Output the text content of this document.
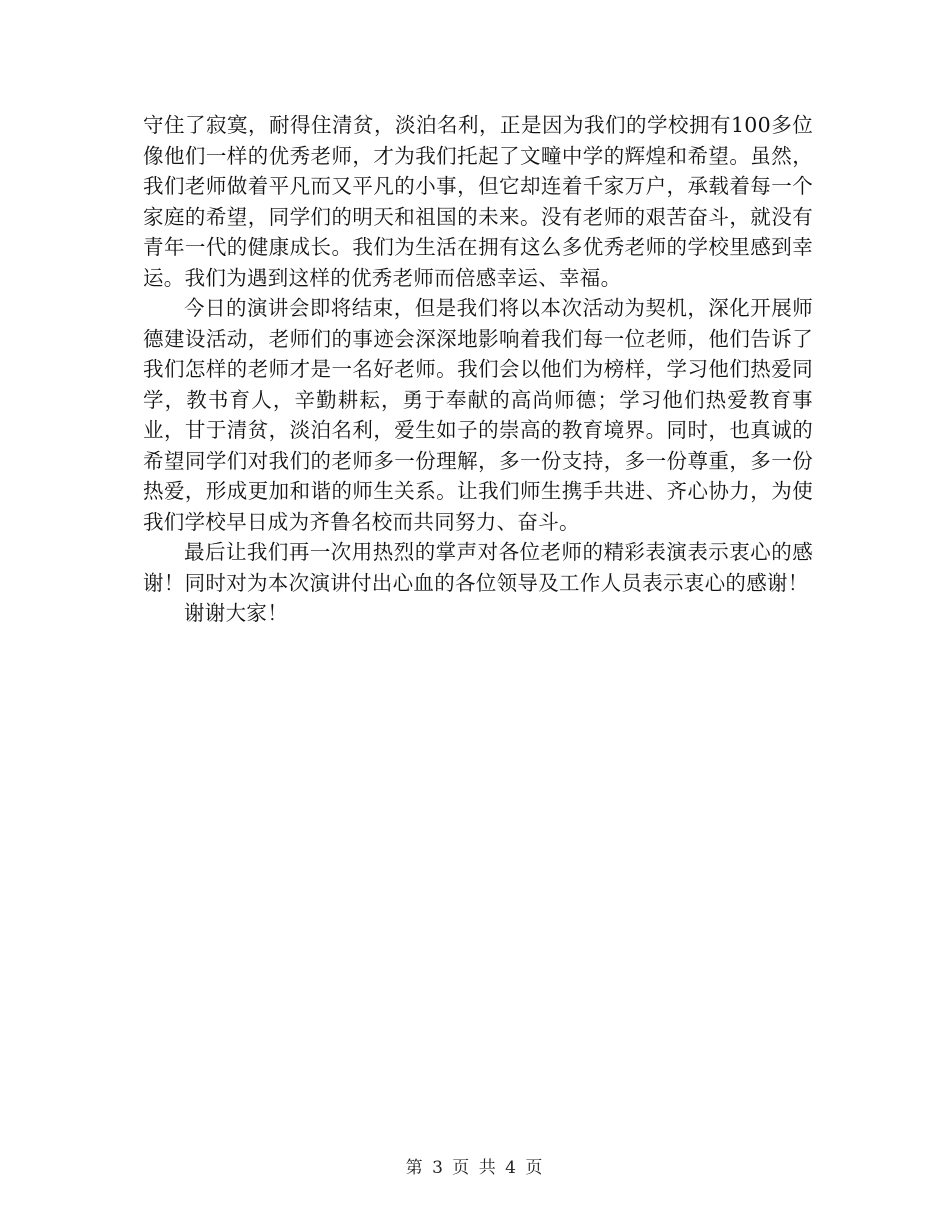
守住了寂寞，耐得住清贫，淡泊名利，正是因为我们的学校拥有100多位像他们一样的优秀老师，才为我们托起了文疃中学的辉煌和希望。虽然，我们老师做着平凡而又平凡的小事，但它却连着千家万户，承载着每一个家庭的希望，同学们的明天和祖国的未来。没有老师的艰苦奋斗，就没有青年一代的健康成长。我们为生活在拥有这么多优秀老师的学校里感到幸运。我们为遇到这样的优秀老师而倍感幸运、幸福。

今日的演讲会即将结束，但是我们将以本次活动为契机，深化开展师德建设活动，老师们的事迹会深深地影响着我们每一位老师，他们告诉了我们怎样的老师才是一名好老师。我们会以他们为榜样，学习他们热爱同学，教书育人，辛勤耕耘，勇于奉献的高尚师德；学习他们热爱教育事业，甘于清贫，淡泊名利，爱生如子的崇高的教育境界。同时，也真诚的希望同学们对我们的老师多一份理解，多一份支持，多一份尊重，多一份热爱，形成更加和谐的师生关系。让我们师生携手共进、齐心协力，为使我们学校早日成为齐鲁名校而共同努力、奋斗。

最后让我们再一次用热烈的掌声对各位老师的精彩表演表示衷心的感谢！同时对为本次演讲付出心血的各位领导及工作人员表示衷心的感谢！

谢谢大家！

第 3 页 共 4 页
